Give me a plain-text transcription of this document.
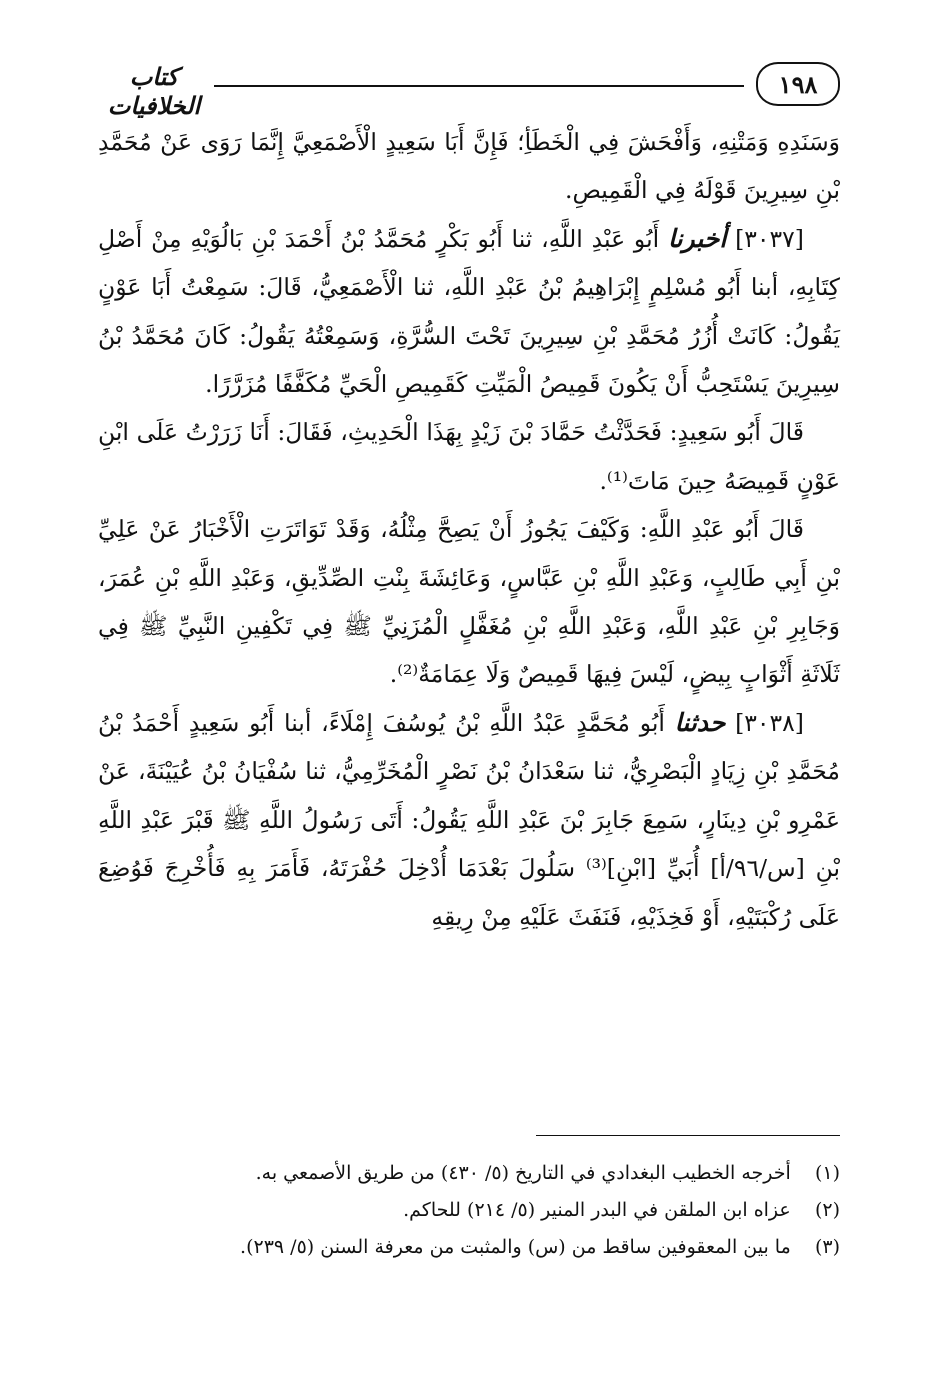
١٩٨
كتاب الخلافيات

وَسَنَدِهِ وَمَتْنِهِ، وَأَفْحَشَ فِي الْخَطَأِ؛ فَإِنَّ أَبَا سَعِيدٍ الْأَصْمَعِيَّ إِنَّمَا رَوَى عَنْ مُحَمَّدِ بْنِ سِيرِينَ قَوْلَهُ فِي الْقَمِيصِ.

[٣٠٣٧] أخبرنا أَبُو عَبْدِ اللَّهِ، ثنا أَبُو بَكْرٍ مُحَمَّدُ بْنُ أَحْمَدَ بْنِ بَالُوَيْهِ مِنْ أَصْلِ كِتَابِهِ، أبنا أَبُو مُسْلِمٍ إِبْرَاهِيمُ بْنُ عَبْدِ اللَّهِ، ثنا الْأَصْمَعِيُّ، قَالَ: سَمِعْتُ أَبَا عَوْنٍ يَقُولُ: كَانَتْ أُزُرُ مُحَمَّدِ بْنِ سِيرِينَ تَحْتَ السُّرَّةِ، وَسَمِعْتُهُ يَقُولُ: كَانَ مُحَمَّدُ بْنُ سِيرِينَ يَسْتَحِبُّ أَنْ يَكُونَ قَمِيصُ الْمَيِّتِ كَقَمِيصِ الْحَيِّ مُكَفَّفًا مُزَرَّرًا.

قَالَ أَبُو سَعِيدٍ: فَحَدَّثْتُ حَمَّادَ بْنَ زَيْدٍ بِهَذَا الْحَدِيثِ، فَقَالَ: أَنَا زَرَرْتُ عَلَى ابْنِ عَوْنٍ قَمِيصَهُ حِينَ مَاتَ⁽¹⁾.

قَالَ أَبُو عَبْدِ اللَّهِ: وَكَيْفَ يَجُوزُ أَنْ يَصِحَّ مِثْلُهُ، وَقَدْ تَوَاتَرَتِ الْأَخْبَارُ عَنْ عَلِيِّ بْنِ أَبِي طَالِبٍ، وَعَبْدِ اللَّهِ بْنِ عَبَّاسٍ، وَعَائِشَةَ بِنْتِ الصِّدِّيقِ، وَعَبْدِ اللَّهِ بْنِ عُمَرَ، وَجَابِرِ بْنِ عَبْدِ اللَّهِ، وَعَبْدِ اللَّهِ بْنِ مُغَفَّلٍ الْمُزَنِيِّ ﷺ فِي تَكْفِينِ النَّبِيِّ ﷺ فِي ثَلَاثَةِ أَثْوَابٍ بِيضٍ، لَيْسَ فِيهَا قَمِيصٌ وَلَا عِمَامَةٌ⁽²⁾.

[٣٠٣٨] حدثنا أَبُو مُحَمَّدٍ عَبْدُ اللَّهِ بْنُ يُوسُفَ إِمْلَاءً، أبنا أَبُو سَعِيدٍ أَحْمَدُ بْنُ مُحَمَّدِ بْنِ زِيَادٍ الْبَصْرِيُّ، ثنا سَعْدَانُ بْنُ نَصْرٍ الْمُخَرِّمِيُّ، ثنا سُفْيَانُ بْنُ عُيَيْنَةَ، عَنْ عَمْرِو بْنِ دِينَارٍ، سَمِعَ جَابِرَ بْنَ عَبْدِ اللَّهِ يَقُولُ: أَتَى رَسُولُ اللَّهِ ﷺ قَبْرَ عَبْدِ اللَّهِ بْنِ [س/٩٦/أ] أُبَيِّ [ابْنِ]⁽³⁾ سَلُولَ بَعْدَمَا أُدْخِلَ حُفْرَتَهُ، فَأَمَرَ بِهِ فَأُخْرِجَ فَوُضِعَ عَلَى رُكْبَتَيْهِ، أَوْ فَخِذَيْهِ، فَنَفَثَ عَلَيْهِ مِنْ رِيقِهِ

(١)    أخرجه الخطيب البغدادي في التاريخ (٥/ ٤٣٠) من طريق الأصمعي به.
(٢)    عزاه ابن الملقن في البدر المنير (٥/ ٢١٤) للحاكم.
(٣)    ما بين المعقوفين ساقط من (س) والمثبت من معرفة السنن (٥/ ٢٣٩).
